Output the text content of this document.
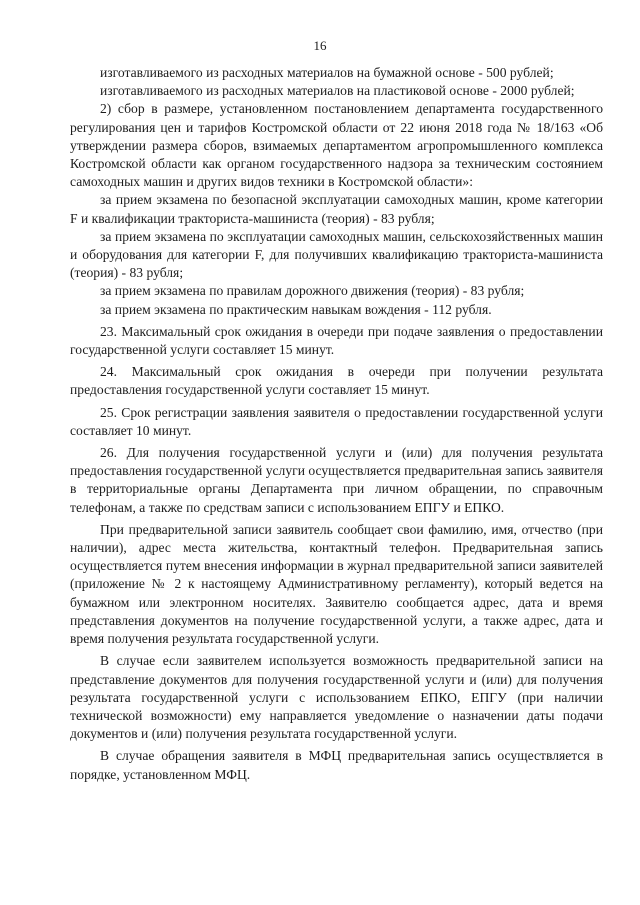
16

изготавливаемого из расходных материалов на бумажной основе - 500 рублей;

изготавливаемого из расходных материалов на пластиковой основе - 2000 рублей;

2) сбор в размере, установленном постановлением департамента государственного регулирования цен и тарифов Костромской области от 22 июня 2018 года № 18/163 «Об утверждении размера сборов, взимаемых департаментом агропромышленного комплекса Костромской области как органом государственного надзора за техническим состоянием самоходных машин и других видов техники в Костромской области»:

за прием экзамена по безопасной эксплуатации самоходных машин, кроме категории F и квалификации тракториста-машиниста (теория) - 83 рубля;

за прием экзамена по эксплуатации самоходных машин, сельскохозяйственных машин и оборудования для категории F, для получивших квалификацию тракториста-машиниста (теория) - 83 рубля;

за прием экзамена по правилам дорожного движения (теория) - 83 рубля;

за прием экзамена по практическим навыкам вождения - 112 рубля.

23. Максимальный срок ожидания в очереди при подаче заявления о предоставлении государственной услуги составляет 15 минут.

24. Максимальный срок ожидания в очереди при получении результата предоставления государственной услуги составляет 15 минут.

25. Срок регистрации заявления заявителя о предоставлении государственной услуги составляет 10 минут.

26. Для получения государственной услуги и (или) для получения результата предоставления государственной услуги осуществляется предварительная запись заявителя в территориальные органы Департамента при личном обращении, по справочным телефонам, а также по средствам записи с использованием ЕПГУ и ЕПКО.

При предварительной записи заявитель сообщает свои фамилию, имя, отчество (при наличии), адрес места жительства, контактный телефон. Предварительная запись осуществляется путем внесения информации в журнал предварительной записи заявителей (приложение № 2 к настоящему Административному регламенту), который ведется на бумажном или электронном носителях. Заявителю сообщается адрес, дата и время представления документов на получение государственной услуги, а также адрес, дата и время получения результата государственной услуги.

В случае если заявителем используется возможность предварительной записи на представление документов для получения государственной услуги и (или) для получения результата государственной услуги с использованием ЕПКО, ЕПГУ (при наличии технической возможности) ему направляется уведомление о назначении даты подачи документов и (или) получения результата государственной услуги.

В случае обращения заявителя в МФЦ предварительная запись осуществляется в порядке, установленном МФЦ.
